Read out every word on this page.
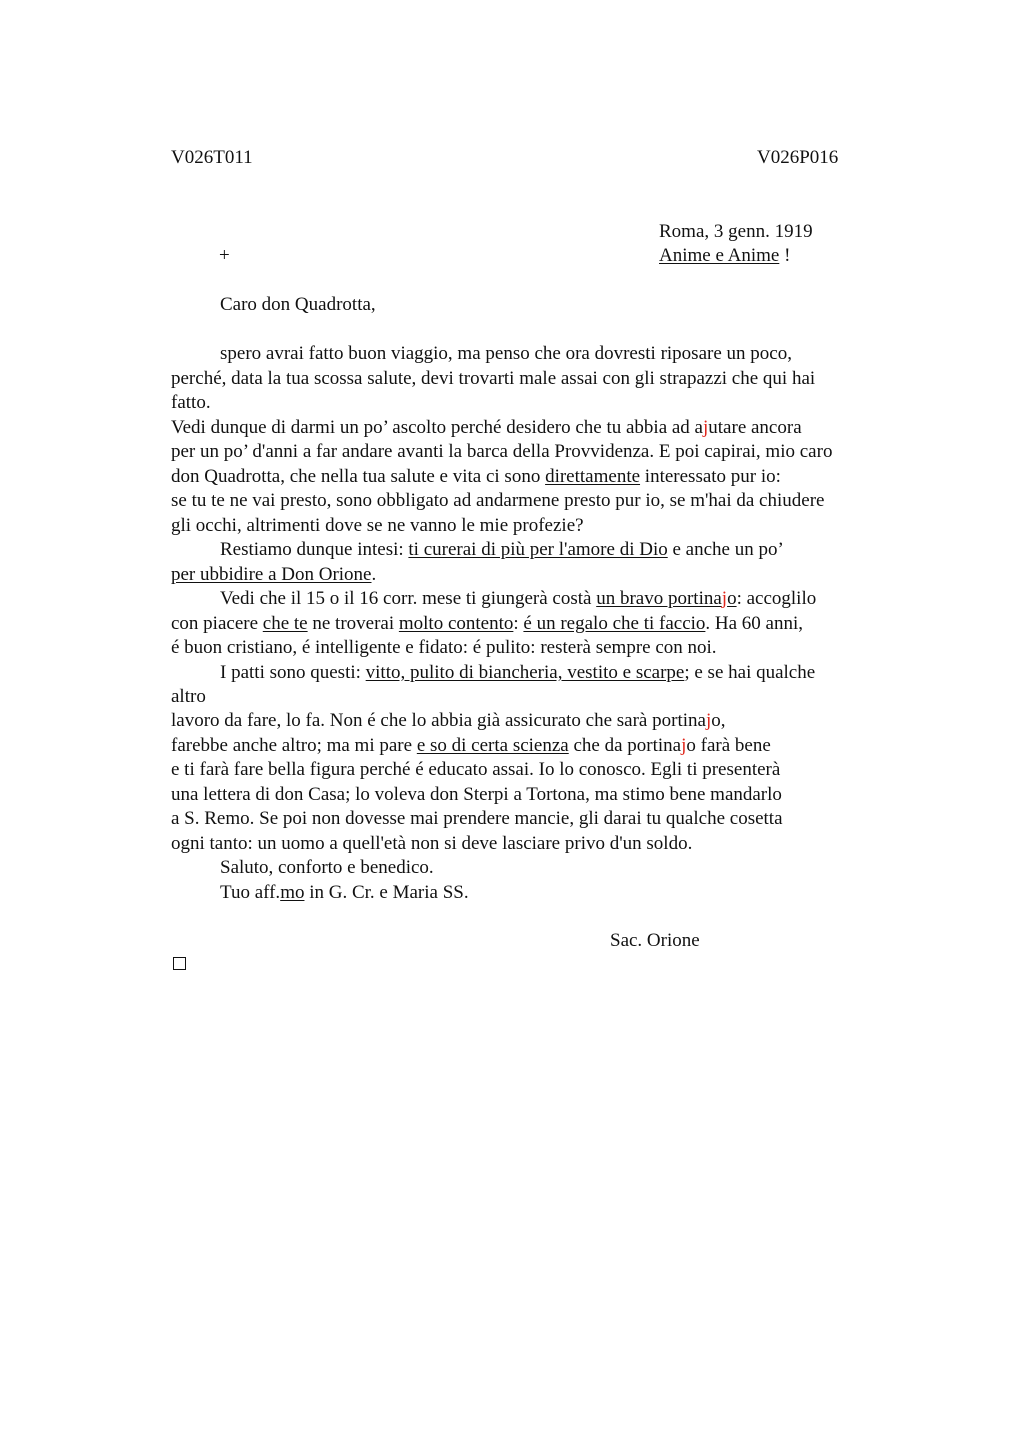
V026T011	V026P016
Roma, 3 genn. 1919
+	Anime e Anime !
Caro don Quadrotta,
spero avrai fatto buon viaggio, ma penso che ora dovresti riposare un poco,
perché, data la tua scossa salute, devi trovarti male assai con gli strapazzi che qui hai
fatto.
Vedi dunque di darmi un po’ ascolto perché desidero che tu abbia ad ajutare ancora
per un po’ d'anni a far andare avanti la barca della Provvidenza. E poi capirai, mio caro
don Quadrotta, che nella tua salute e vita ci sono direttamente interessato pur io:
se tu te ne vai presto, sono obbligato ad andarmene presto pur io, se m'hai da chiudere
gli occhi, altrimenti dove se ne vanno le mie profezie?
Restiamo dunque intesi: ti curerai di più per l'amore di Dio e anche un po’
per ubbidire a Don Orione.
Vedi che il 15 o il 16 corr. mese ti giungerà costà un bravo portinajo: accoglilo
con piacere che te ne troverai molto contento: é un regalo che ti faccio. Ha 60 anni,
é buon cristiano, é intelligente e fidato: é pulito: resterà sempre con noi.
I patti sono questi: vitto, pulito di biancheria, vestito e scarpe; e se hai qualche
altro
lavoro da fare, lo fa. Non é che lo abbia già assicurato che sarà portinajo,
farebbe anche altro; ma mi pare e so di certa scienza che da portinajo farà bene
e ti farà fare bella figura perché é educato assai. Io lo conosco. Egli ti presenterà
una lettera di don Casa; lo voleva don Sterpi a Tortona, ma stimo bene mandarlo
a S. Remo. Se poi non dovesse mai prendere mancie, gli darai tu qualche cosetta
ogni tanto: un uomo a quell'età non si deve lasciare privo d'un soldo.
Saluto, conforto e benedico.
Tuo aff.mo in G. Cr. e Maria SS.
Sac. Orione
